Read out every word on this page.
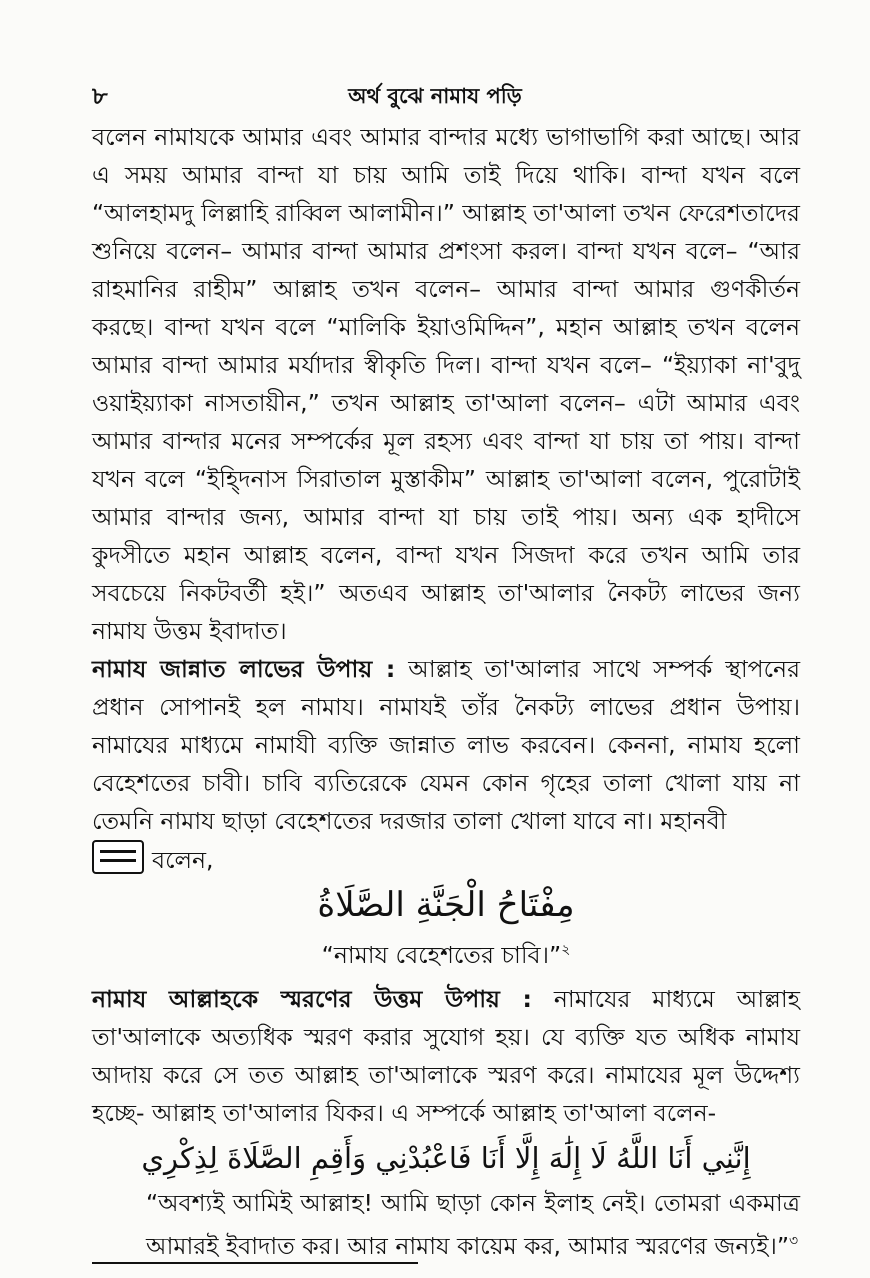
৮	অর্থ বুঝে নামায পড়ি

বলেন নামাযকে আমার এবং আমার বান্দার মধ্যে ভাগাভাগি করা আছে। আর এ সময় আমার বান্দা যা চায় আমি তাই দিয়ে থাকি। বান্দা যখন বলে “আলহামদু লিল্লাহি রাব্বিল আলামীন।” আল্লাহ তা'আলা তখন ফেরেশতাদের শুনিয়ে বলেন– আমার বান্দা আমার প্রশংসা করল। বান্দা যখন বলে– “আর রাহমানির রাহীম” আল্লাহ তখন বলেন– আমার বান্দা আমার গুণকীর্তন করছে। বান্দা যখন বলে “মালিকি ইয়াওমিদ্দিন”, মহান আল্লাহ তখন বলেন আমার বান্দা আমার মর্যাদার স্বীকৃতি দিল। বান্দা যখন বলে– “ইয়্যাকা না'বুদু ওয়াইয়্যাকা নাসতায়ীন,” তখন আল্লাহ তা'আলা বলেন– এটা আমার এবং আমার বান্দার মনের সম্পর্কের মূল রহস্য এবং বান্দা যা চায় তা পায়। বান্দা যখন বলে “ইহ্দিনাস সিরাতাল মুস্তাকীম” আল্লাহ তা'আলা বলেন, পুরোটাই আমার বান্দার জন্য, আমার বান্দা যা চায় তাই পায়। অন্য এক হাদীসে কুদসীতে মহান আল্লাহ বলেন, বান্দা যখন সিজদা করে তখন আমি তার সবচেয়ে নিকটবর্তী হই।” অতএব আল্লাহ তা'আলার নৈকট্য লাভের জন্য নামায উত্তম ইবাদাত।

নামায জান্নাত লাভের উপায় : আল্লাহ তা'আলার সাথে সম্পর্ক স্থাপনের প্রধান সোপানই হল নামায। নামাযই তাঁর নৈকট্য লাভের প্রধান উপায়। নামাযের মাধ্যমে নামাযী ব্যক্তি জান্নাত লাভ করবেন। কেননা, নামায হলো বেহেশতের চাবী। চাবি ব্যতিরেকে যেমন কোন গৃহের তালা খোলা যায় না তেমনি নামায ছাড়া বেহেশতের দরজার তালা খোলা যাবে না। মহানবী

বলেন,

مِفْتَاحُ الْجَنَّةِ الصَّلَاةُ

“নামায বেহেশতের চাবি।”$^২$

নামায আল্লাহকে স্মরণের উত্তম উপায় : নামাযের মাধ্যমে আল্লাহ তা'আলাকে অত্যধিক স্মরণ করার সুযোগ হয়। যে ব্যক্তি যত অধিক নামায আদায় করে সে তত আল্লাহ তা'আলাকে স্মরণ করে। নামাযের মূল উদ্দেশ্য হচ্ছে- আল্লাহ তা'আলার যিকর। এ সম্পর্কে আল্লাহ তা'আলা বলেন-

إِنَّنِي أَنَا اللَّهُ لَا إِلَٰهَ إِلَّا أَنَا فَاعْبُدْنِي وَأَقِمِ الصَّلَاةَ لِذِكْرِي

“অবশ্যই আমিই আল্লাহ! আমি ছাড়া কোন ইলাহ নেই। তোমরা একমাত্র আমারই ইবাদাত কর। আর নামায কায়েম কর, আমার স্মরণের জন্যই।”$^৩$
